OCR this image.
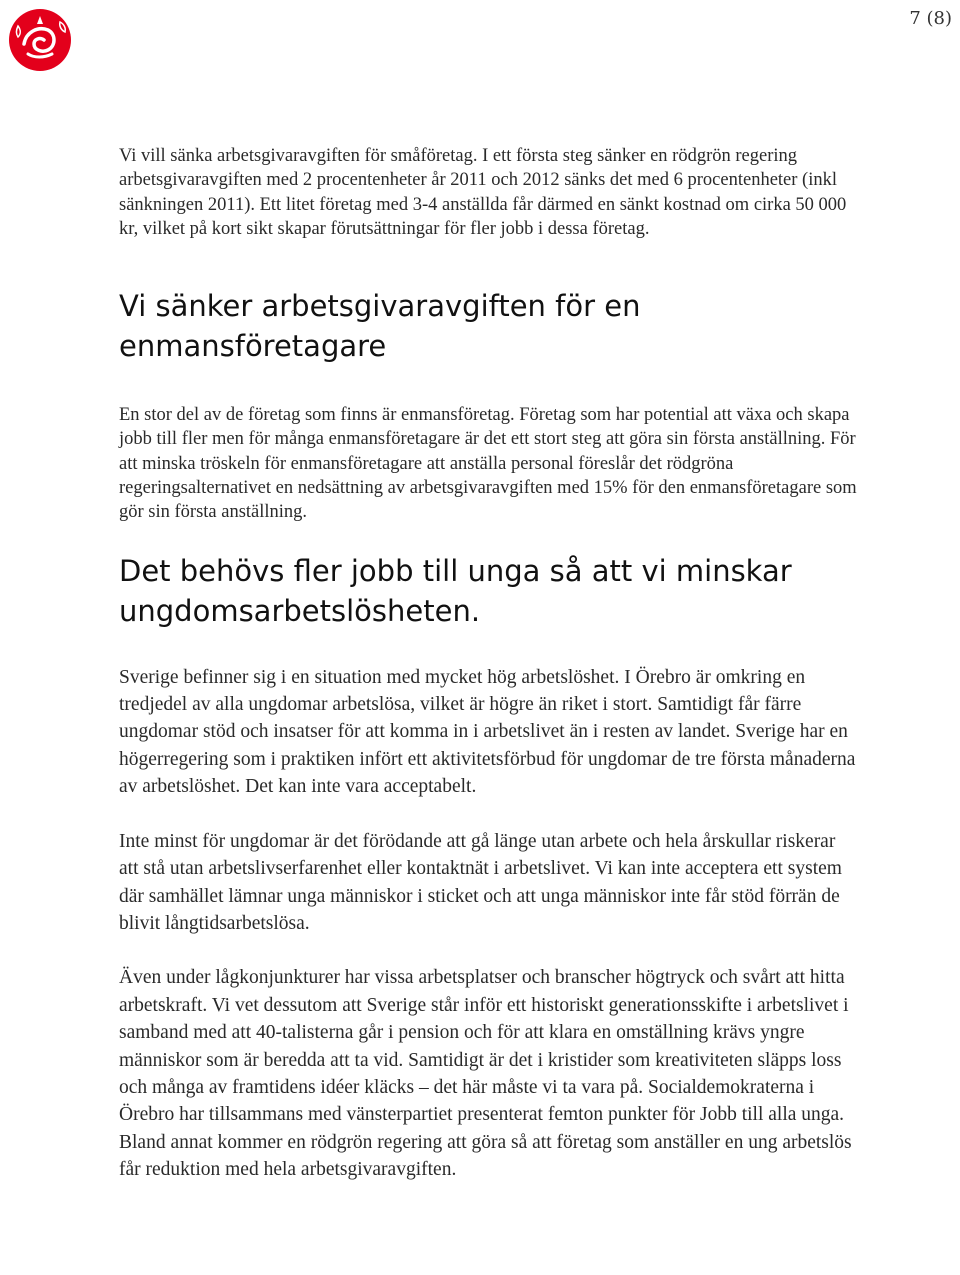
7 (8)

Vi vill sänka arbetsgivaravgiften för småföretag. I ett första steg sänker en rödgrön regering arbetsgivaravgiften med 2 procentenheter år 2011 och 2012 sänks det med 6 procentenheter (inkl sänkningen 2011). Ett litet företag med 3-4 anställda får därmed en sänkt kostnad om cirka 50 000 kr, vilket på kort sikt skapar förutsättningar för fler jobb i dessa företag.

Vi sänker arbetsgivaravgiften för en enmansföretagare

En stor del av de företag som finns är enmansföretag. Företag som har potential att växa och skapa jobb till fler men för många enmansföretagare är det ett stort steg att göra sin första anställning. För att minska tröskeln för enmansföretagare att anställa personal föreslår det rödgröna regeringsalternativet en nedsättning av arbetsgivaravgiften med 15% för den enmansföretagare som gör sin första anställning.

Det behövs fler jobb till unga så att vi minskar ungdomsarbetslösheten.

Sverige befinner sig i en situation med mycket hög arbetslöshet. I Örebro är omkring en tredjedel av alla ungdomar arbetslösa, vilket är högre än riket i stort. Samtidigt får färre ungdomar stöd och insatser för att komma in i arbetslivet än i resten av landet. Sverige har en högerregering som i praktiken infört ett aktivitetsförbud för ungdomar de tre första månaderna av arbetslöshet. Det kan inte vara acceptabelt.

Inte minst för ungdomar är det förödande att gå länge utan arbete och hela årskullar riskerar att stå utan arbetslivserfarenhet eller kontaktnät i arbetslivet. Vi kan inte acceptera ett system där samhället lämnar unga människor i sticket och att unga människor inte får stöd förrän de blivit långtidsarbetslösa.

Även under lågkonjunkturer har vissa arbetsplatser och branscher högtryck och svårt att hitta arbetskraft. Vi vet dessutom att Sverige står inför ett historiskt generationsskifte i arbetslivet i samband med att 40-talisterna går i pension och för att klara en omställning krävs yngre människor som är beredda att ta vid. Samtidigt är det i kristider som kreativiteten släpps loss och många av framtidens idéer kläcks – det här måste vi ta vara på. Socialdemokraterna i Örebro har tillsammans med vänsterpartiet presenterat femton punkter för Jobb till alla unga. Bland annat kommer en rödgrön regering att göra så att företag som anställer en ung arbetslös får reduktion med hela arbetsgivaravgiften.
